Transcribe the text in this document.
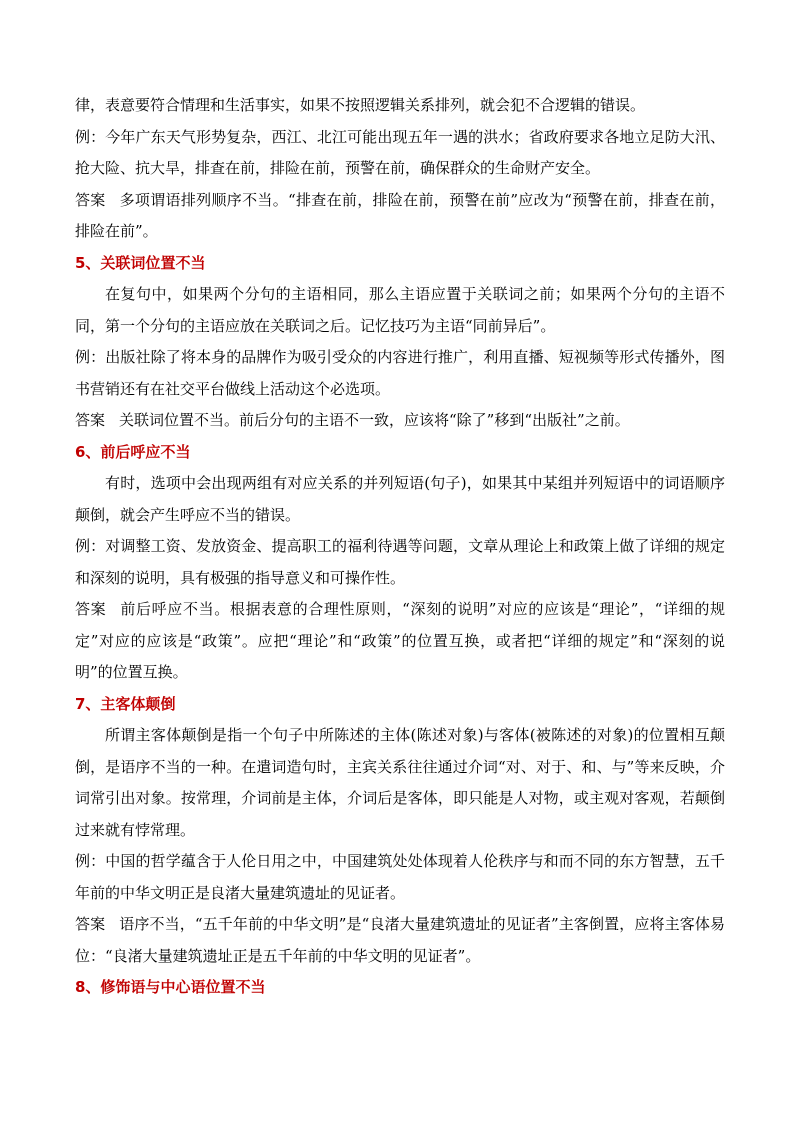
律，表意要符合情理和生活事实，如果不按照逻辑关系排列，就会犯不合逻辑的错误。
例：今年广东天气形势复杂，西江、北江可能出现五年一遇的洪水；省政府要求各地立足防大汛、抢大险、抗大旱，排查在前，排险在前，预警在前，确保群众的生命财产安全。
答案 多项谓语排列顺序不当。“排查在前，排险在前，预警在前”应改为“预警在前，排查在前，排险在前”。
5、关联词位置不当
在复句中，如果两个分句的主语相同，那么主语应置于关联词之前；如果两个分句的主语不同，第一个分句的主语应放在关联词之后。记忆技巧为主语“同前异后”。
例：出版社除了将本身的品牌作为吸引受众的内容进行推广，利用直播、短视频等形式传播外，图书营销还有在社交平台做线上活动这个必选项。
答案 关联词位置不当。前后分句的主语不一致，应该将“除了”移到“出版社”之前。
6、前后呼应不当
有时，选项中会出现两组有对应关系的并列短语(句子)，如果其中某组并列短语中的词语顺序颠倒，就会产生呼应不当的错误。
例：对调整工资、发放资金、提高职工的福利待遇等问题，文章从理论上和政策上做了详细的规定和深刻的说明，具有极强的指导意义和可操作性。
答案 前后呼应不当。根据表意的合理性原则，“深刻的说明”对应的应该是“理论”，“详细的规定”对应的应该是“政策”。应把“理论”和“政策”的位置互换，或者把“详细的规定”和“深刻的说明”的位置互换。
7、主客体颠倒
所谓主客体颠倒是指一个句子中所陈述的主体(陈述对象)与客体(被陈述的对象)的位置相互颠倒，是语序不当的一种。在遣词造句时，主宾关系往往通过介词“对、对于、和、与”等来反映，介词常引出对象。按常理，介词前是主体，介词后是客体，即只能是人对物，或主观对客观，若颠倒过来就有悖常理。
例：中国的哲学蕴含于人伦日用之中，中国建筑处处体现着人伦秩序与和而不同的东方智慧，五千年前的中华文明正是良渚大量建筑遗址的见证者。
答案 语序不当，“五千年前的中华文明”是“良渚大量建筑遗址的见证者”主客倒置，应将主客体易位：“良渚大量建筑遗址正是五千年前的中华文明的见证者”。
8、修饰语与中心语位置不当
